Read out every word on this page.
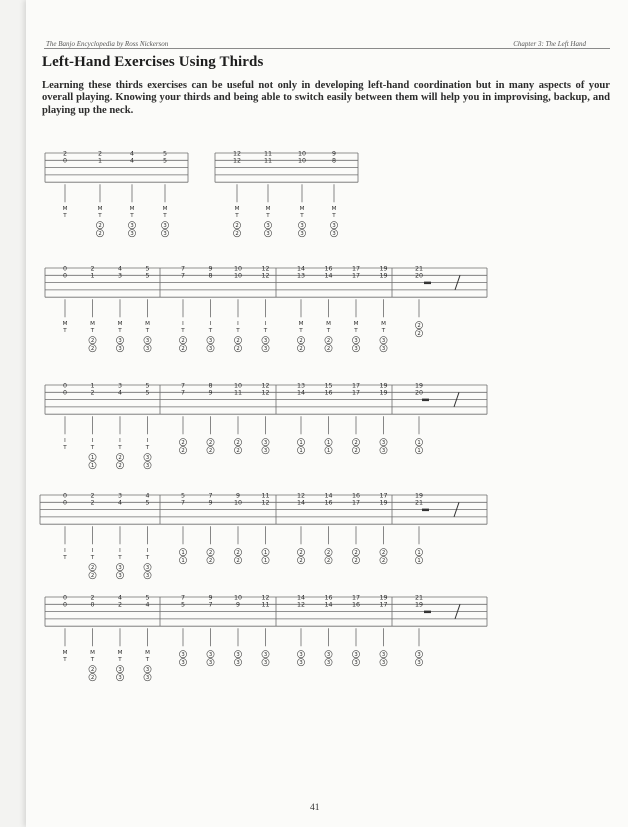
The Banjo Encyclopedia by Ross Nickerson	Chapter 3: The Left Hand
Left-Hand Exercises Using Thirds

Learning these thirds exercises can be useful not only in developing left-hand coordination but in many aspects of your overall playing. Knowing your thirds and being able to switch easily between them will help you in improvising, backup, and playing up the neck.

41
2
0
M
T
2
1
M
T
2
2
4
4
M
T
3
3
5
5
M
T
3
3
12
12
M
T
2
2
11
11
M
T
3
3
10
10
M
T
3
3
9
8
M
T
3
3
0
0
M
T
2
1
M
T
2
2
4
3
M
T
3
3
5
5
M
T
3
3
7
7
I
T
2
2
9
8
I
T
3
3
10
10
I
T
2
2
12
12
I
T
3
3
14
13
M
T
2
2
16
14
M
T
2
2
17
17
M
T
3
3
19
19
M
T
3
3
21
20
2
2
0
0
I
T
1
2
I
T
1
1
3
4
I
T
2
2
5
5
I
T
3
3
7
7
2
2
8
9
2
2
10
11
2
2
12
12
3
3
13
14
1
1
15
16
1
1
17
17
2
2
19
19
3
3
19
20
1
1
0
0
I
T
2
2
I
T
2
2
3
4
I
T
3
3
4
5
I
T
3
3
5
7
1
1
7
9
2
2
9
10
2
2
11
12
1
1
12
14
2
2
14
16
2
2
16
17
2
2
17
19
2
2
19
21
1
1
0
0
M
T
2
0
M
T
2
2
4
2
M
T
3
3
5
4
M
T
3
3
7
5
3
3
9
7
3
3
10
9
3
3
12
11
3
3
14
12
3
3
16
14
3
3
17
16
3
3
19
17
3
3
21
19
3
3
